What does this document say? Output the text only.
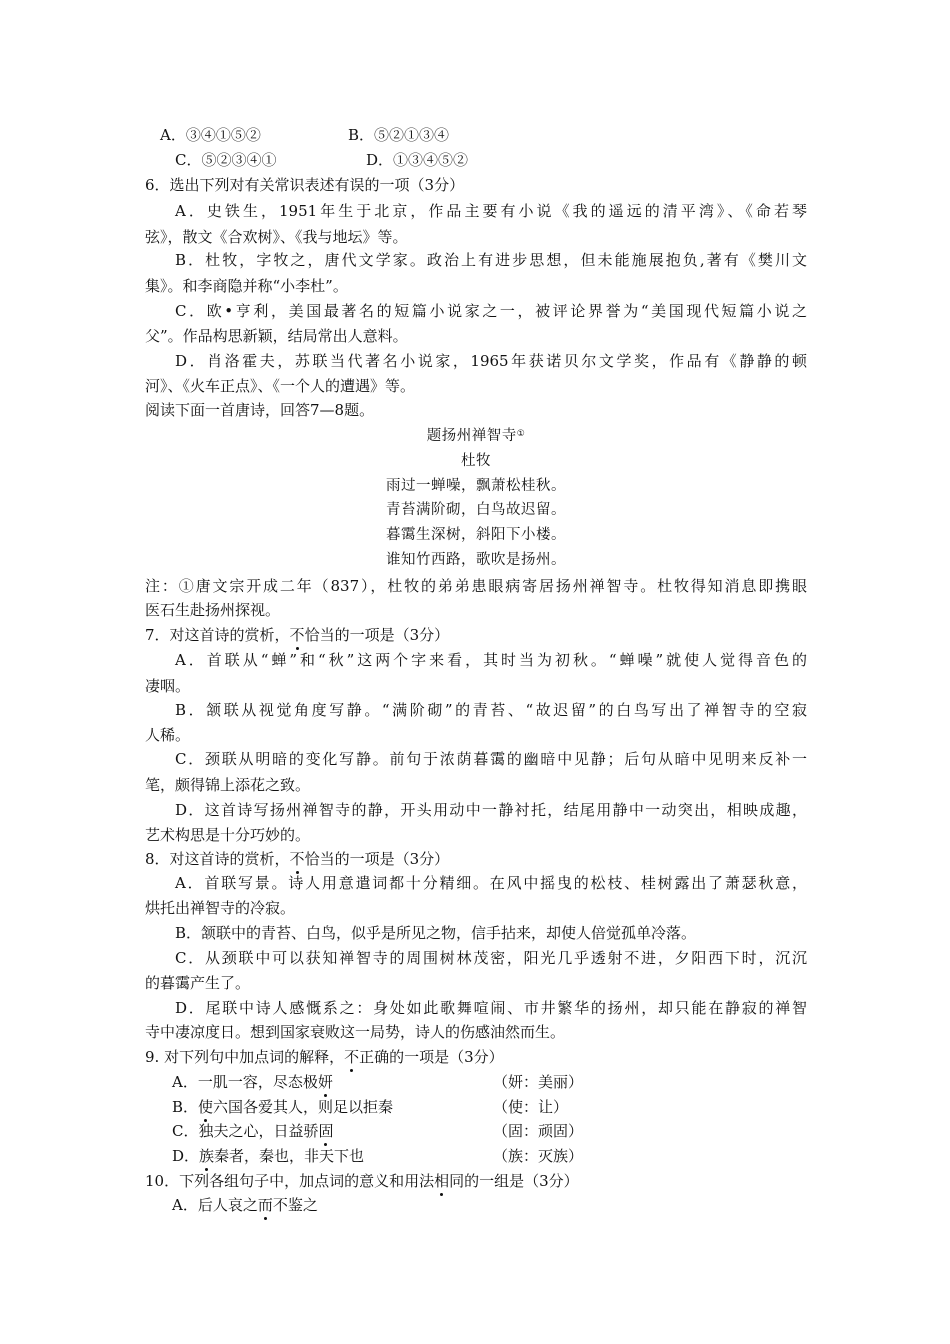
A．③④①⑤②	B．⑤②①③④
C．⑤②③④①	D．①③④⑤②
6．选出下列对有关常识表述有误的一项（3分）
A．史铁生，1951年生于北京，作品主要有小说《我的遥远的清平湾》、《命若琴
弦》，散文《合欢树》、《我与地坛》等。
B．杜牧，字牧之，唐代文学家。政治上有进步思想，但未能施展抱负,著有《樊川文
集》。和李商隐并称“小李杜”。
C．欧•亨利，美国最著名的短篇小说家之一，被评论界誉为“美国现代短篇小说之
父”。作品构思新颖，结局常出人意料。
D．肖洛霍夫，苏联当代著名小说家，1965年获诺贝尔文学奖，作品有《静静的顿
河》、《火车正点》、《一个人的遭遇》等。
阅读下面一首唐诗，回答7—8题。
题扬州禅智寺①
杜牧
雨过一蝉噪，飘萧松桂秋。
青苔满阶砌，白鸟故迟留。
暮霭生深树，斜阳下小楼。
谁知竹西路，歌吹是扬州。
注：①唐文宗开成二年（837），杜牧的弟弟患眼病寄居扬州禅智寺。杜牧得知消息即携眼
医石生赴扬州探视。
7．对这首诗的赏析，不恰当的一项是（3分）
A．首联从“蝉”和“秋”这两个字来看，其时当为初秋。“蝉噪”就使人觉得音色的
凄咽。
B．颔联从视觉角度写静。“满阶砌”的青苔、“故迟留”的白鸟写出了禅智寺的空寂
人稀。
C．颈联从明暗的变化写静。前句于浓荫暮霭的幽暗中见静；后句从暗中见明来反补一
笔，颇得锦上添花之致。
D．这首诗写扬州禅智寺的静，开头用动中一静衬托，结尾用静中一动突出，相映成趣，
艺术构思是十分巧妙的。
8．对这首诗的赏析，不恰当的一项是（3分）
A．首联写景。诗人用意遣词都十分精细。在风中摇曳的松枝、桂树露出了萧瑟秋意，
烘托出禅智寺的冷寂。
B．颔联中的青苔、白鸟，似乎是所见之物，信手拈来，却使人倍觉孤单冷落。
C．从颈联中可以获知禅智寺的周围树林茂密，阳光几乎透射不进，夕阳西下时，沉沉
的暮霭产生了。
D．尾联中诗人感慨系之：身处如此歌舞喧闹、市井繁华的扬州，却只能在静寂的禅智
寺中凄凉度日。想到国家衰败这一局势，诗人的伤感油然而生。
9. 对下列句中加点词的解释，不正确的一项是（3分）
A．一肌一容，尽态极妍	（妍：美丽）
B．使六国各爱其人，则足以拒秦	（使：让）
C．独夫之心，日益骄固	（固：顽固）
D．族秦者，秦也，非天下也	（族：灭族）
10．下列各组句子中，加点词的意义和用法相同的一组是（3分）
A．后人哀之而不鉴之
